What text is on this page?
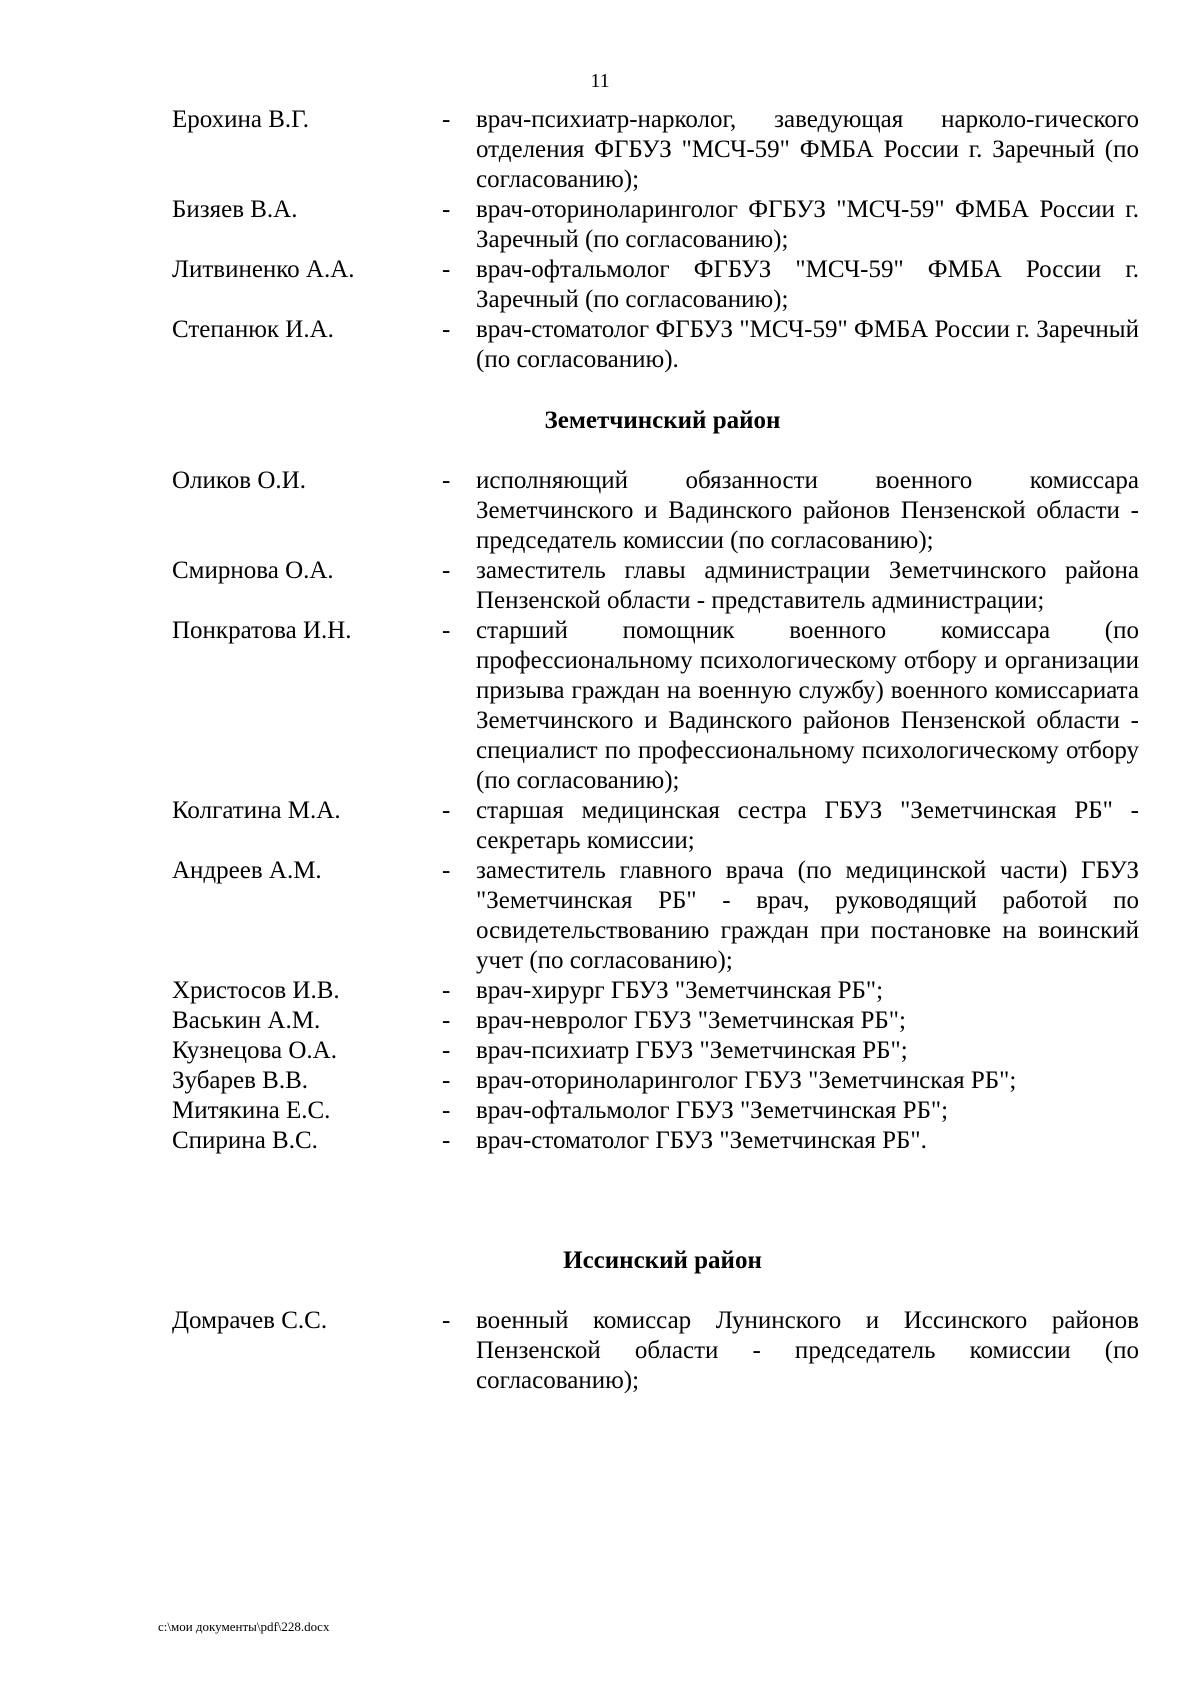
11
Ерохина В.Г.	-	врач-психиатр-нарколог, заведующая нарколо-гического отделения ФГБУЗ "МСЧ-59" ФМБА России г. Заречный (по согласованию);
Бизяев В.А.	-	врач-оториноларинголог ФГБУЗ "МСЧ-59" ФМБА России г. Заречный (по согласованию);
Литвиненко А.А.	-	врач-офтальмолог ФГБУЗ "МСЧ-59" ФМБА России г. Заречный (по согласованию);
Степанюк И.А.	-	врач-стоматолог ФГБУЗ "МСЧ-59" ФМБА России г. Заречный (по согласованию).
Земетчинский район
Оликов О.И.	-	исполняющий обязанности военного комиссара Земетчинского и Вадинского районов Пензенской области - председатель комиссии (по согласованию);
Смирнова О.А.	-	заместитель главы администрации Земетчинского района Пензенской области - представитель администрации;
Понкратова И.Н.	-	старший помощник военного комиссара (по профессиональному психологическому отбору и организации призыва граждан на военную службу) военного комиссариата Земетчинского и Вадинского районов Пензенской области - специалист по профессиональному психологическому отбору (по согласованию);
Колгатина М.А.	-	старшая медицинская сестра ГБУЗ "Земетчинская РБ" - секретарь комиссии;
Андреев А.М.	-	заместитель главного врача (по медицинской части) ГБУЗ "Земетчинская РБ" - врач, руководящий работой по освидетельствованию граждан при постановке на воинский учет (по согласованию);
Христосов И.В.	-	врач-хирург ГБУЗ "Земетчинская РБ";
Васькин А.М.	-	врач-невролог ГБУЗ "Земетчинская РБ";
Кузнецова О.А.	-	врач-психиатр ГБУЗ "Земетчинская РБ";
Зубарев В.В.	-	врач-оториноларинголог ГБУЗ "Земетчинская РБ";
Митякина Е.С.	-	врач-офтальмолог ГБУЗ "Земетчинская РБ";
Спирина В.С.	-	врач-стоматолог ГБУЗ "Земетчинская РБ".
Иссинский район
Домрачев С.С.	-	военный комиссар Лунинского и Иссинского районов Пензенской области - председатель комиссии (по согласованию);
c:\мои документы\pdf\228.docx
